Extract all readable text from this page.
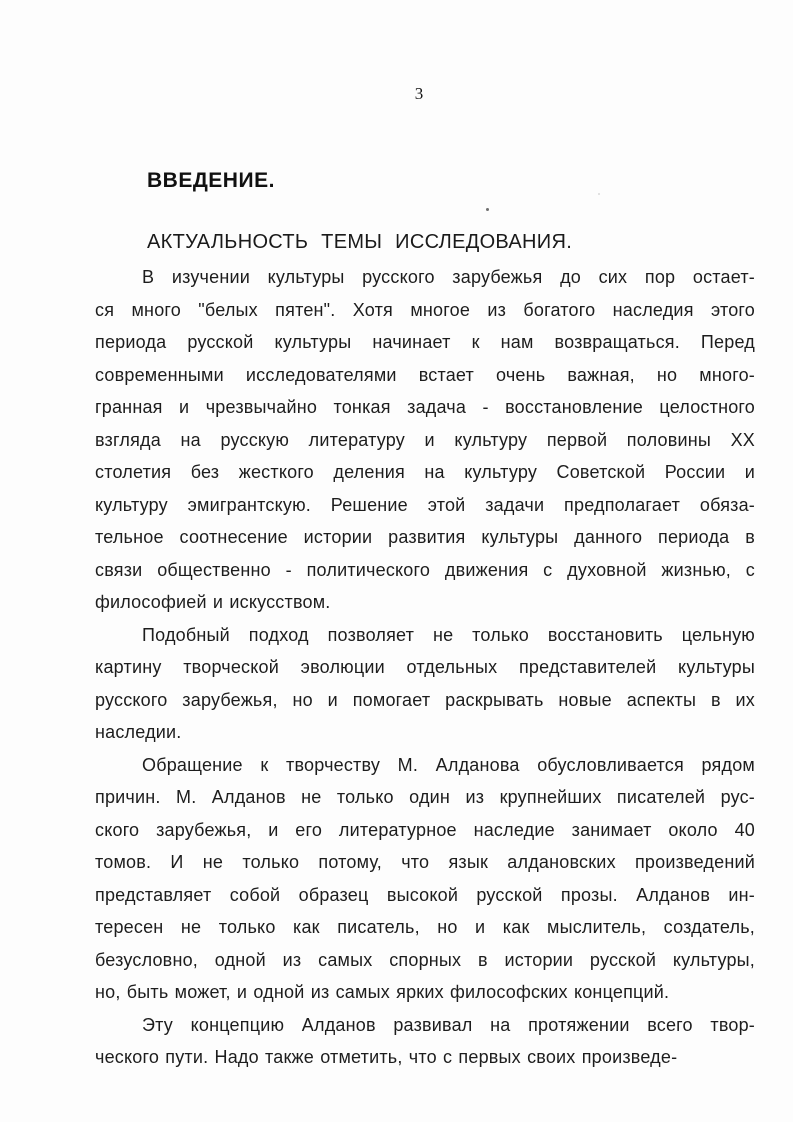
3
ВВЕДЕНИЕ.
АКТУАЛЬНОСТЬ ТЕМЫ ИССЛЕДОВАНИЯ.
В изучении культуры русского зарубежья до сих пор остает-
ся много "белых пятен". Хотя многое из богатого наследия этого
периода русской культуры начинает к нам возвращаться. Перед
современными исследователями встает очень важная, но много-
гранная и чрезвычайно тонкая задача - восстановление целостного
взгляда на русскую литературу и культуру первой половины ХХ
столетия без жесткого деления на культуру Советской России и
культуру эмигрантскую. Решение этой задачи предполагает обяза-
тельное соотнесение истории развития культуры данного периода в
связи общественно - политического движения с духовной жизнью, с
философией и искусством.
Подобный подход позволяет не только восстановить цельную
картину творческой эволюции отдельных представителей культуры
русского зарубежья, но и помогает раскрывать новые аспекты в их
наследии.
Обращение к творчеству М. Алданова обусловливается рядом
причин. М. Алданов не только один из крупнейших писателей рус-
ского зарубежья, и его литературное наследие занимает около 40
томов. И не только потому, что язык алдановских произведений
представляет собой образец высокой русской прозы. Алданов ин-
тересен не только как писатель, но и как мыслитель, создатель,
безусловно, одной из самых спорных в истории русской культуры,
но, быть может, и одной из самых ярких философских концепций.
Эту концепцию Алданов развивал на протяжении всего твор-
ческого пути. Надо также отметить, что с первых своих произведе-
